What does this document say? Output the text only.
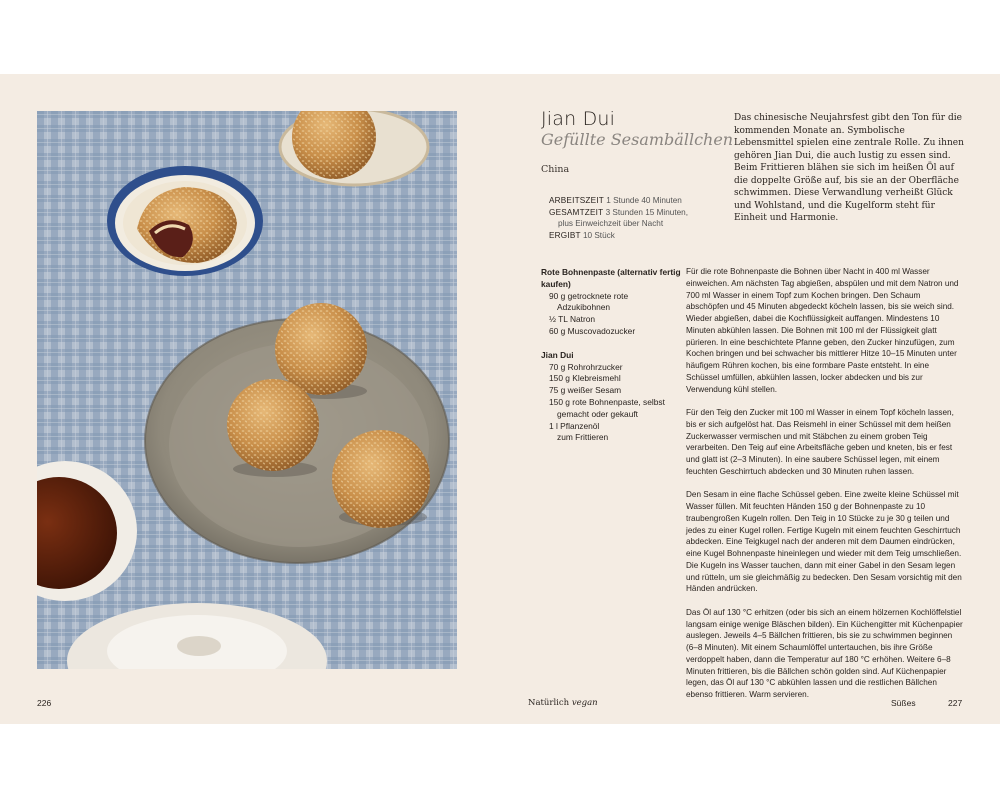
Jian Dui
Gefüllte Sesambällchen
China

Das chinesische Neujahrsfest gibt den Ton für die kommenden Monate an. Symbolische Lebensmittel spielen eine zentrale Rolle. Zu ihnen gehören Jian Dui, die auch lustig zu essen sind. Beim Frittieren blähen sie sich im heißen Öl auf die doppelte Größe auf, bis sie an der Oberfläche schwimmen. Diese Verwandlung verheißt Glück und Wohlstand, und die Kugelform steht für Einheit und Harmonie.

ARBEITSZEIT 1 Stunde 40 Minuten
GESAMTZEIT 3 Stunden 15 Minuten,
plus Einweichzeit über Nacht
ERGIBT 10 Stück

Rote Bohnenpaste (alternativ fertig kaufen)

90 g getrocknete rote
Adzukibohnen
½ TL Natron
60 g Muscovadozucker

Jian Dui

70 g Rohrohrzucker
150 g Klebreismehl
75 g weißer Sesam
150 g rote Bohnenpaste, selbst
gemacht oder gekauft
1 l Pflanzenöl
zum Frittieren

Für die rote Bohnenpaste die Bohnen über Nacht in 400 ml Wasser einweichen. Am nächsten Tag abgießen, abspülen und mit dem Natron und 700 ml Wasser in einem Topf zum Kochen bringen. Den Schaum abschöpfen und 45 Minuten abgedeckt köcheln lassen, bis sie weich sind. Wieder abgießen, dabei die Kochflüssigkeit auffangen. Mindestens 10 Minuten abkühlen lassen. Die Bohnen mit 100 ml der Flüssigkeit glatt pürieren. In eine beschichtete Pfanne geben, den Zucker hinzufügen, zum Kochen bringen und bei schwacher bis mittlerer Hitze 10–15 Minuten unter häufigem Rühren kochen, bis eine formbare Paste entsteht. In eine Schüssel umfüllen, abkühlen lassen, locker abdecken und bis zur Verwendung kühl stellen.

Für den Teig den Zucker mit 100 ml Wasser in einem Topf köcheln lassen, bis er sich aufgelöst hat. Das Reismehl in einer Schüssel mit dem heißen Zuckerwasser vermischen und mit Stäbchen zu einem groben Teig verarbeiten. Den Teig auf eine Arbeitsfläche geben und kneten, bis er fest und glatt ist (2–3 Minuten). In eine saubere Schüssel legen, mit einem feuchten Geschirrtuch abdecken und 30 Minuten ruhen lassen.

Den Sesam in eine flache Schüssel geben. Eine zweite kleine Schüssel mit Wasser füllen. Mit feuchten Händen 150 g der Bohnenpaste zu 10 traubengroßen Kugeln rollen. Den Teig in 10 Stücke zu je 30 g teilen und jedes zu einer Kugel rollen. Fertige Kugeln mit einem feuchten Geschirrtuch abdecken. Eine Teigkugel nach der anderen mit dem Daumen eindrücken, eine Kugel Bohnenpaste hineinlegen und wieder mit dem Teig umschließen. Die Kugeln ins Wasser tauchen, dann mit einer Gabel in den Sesam legen und rütteln, um sie gleichmäßig zu bedecken. Den Sesam vorsichtig mit den Händen andrücken.

Das Öl auf 130 °C erhitzen (oder bis sich an einem hölzernen Kochlöffelstiel langsam einige wenige Bläschen bilden). Ein Küchengitter mit Küchenpapier auslegen. Jeweils 4–5 Bällchen frittieren, bis sie zu schwimmen beginnen (6–8 Minuten). Mit einem Schaumlöffel untertauchen, bis ihre Größe verdoppelt haben, dann die Temperatur auf 180 °C erhöhen. Weitere 6–8 Minuten frittieren, bis die Bällchen schön golden sind. Auf Küchenpapier legen, das Öl auf 130 °C abkühlen lassen und die restlichen Bällchen ebenso frittieren. Warm servieren.

226	Natürlich vegan	Süßes	227
